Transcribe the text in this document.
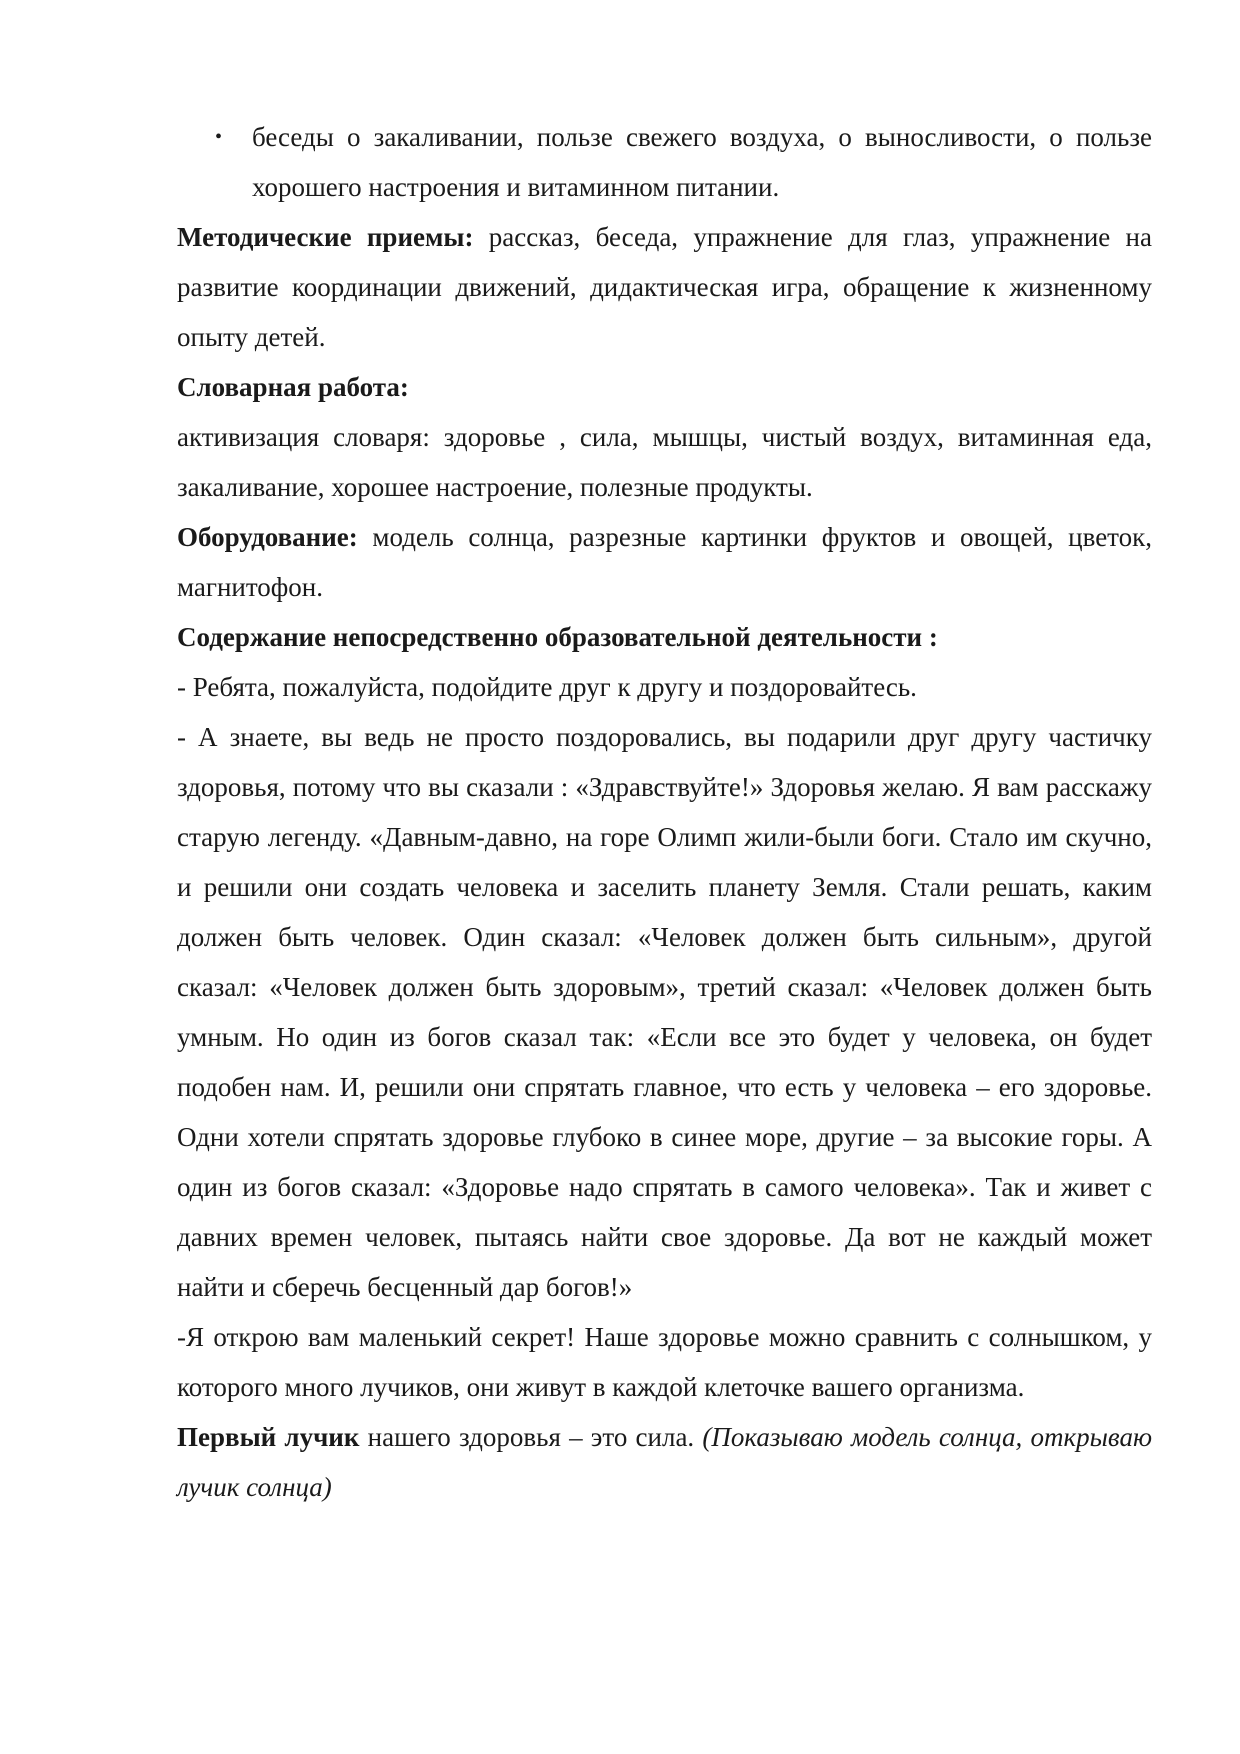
• беседы о закаливании, пользе свежего воздуха, о выносливости, о пользе хорошего настроения и витаминном питании.

Методические приемы: рассказ, беседа, упражнение для глаз, упражнение на развитие координации движений, дидактическая игра, обращение к жизненному опыту детей.

Словарная работа:

активизация словаря: здоровье , сила, мышцы, чистый воздух, витаминная еда, закаливание, хорошее настроение, полезные продукты.

Оборудование: модель солнца, разрезные картинки фруктов и овощей, цветок, магнитофон.

Содержание непосредственно образовательной деятельности :

- Ребята, пожалуйста, подойдите друг к другу и поздоровайтесь.

- А знаете, вы ведь не просто поздоровались, вы подарили друг другу частичку здоровья, потому что вы сказали : «Здравствуйте!» Здоровья желаю. Я вам расскажу старую легенду. «Давным-давно, на горе Олимп жили-были боги. Стало им скучно, и решили они создать человека и заселить планету Земля. Стали решать, каким должен быть человек. Один сказал: «Человек должен быть сильным», другой сказал: «Человек должен быть здоровым», третий сказал: «Человек должен быть умным. Но один из богов сказал так: «Если все это будет у человека, он будет подобен нам. И, решили они спрятать главное, что есть у человека – его здоровье. Одни хотели спрятать здоровье глубоко в синее море, другие – за высокие горы. А один из богов сказал: «Здоровье надо спрятать в самого человека». Так и живет с давних времен человек, пытаясь найти свое здоровье. Да вот не каждый может найти и сберечь бесценный дар богов!»

-Я открою вам маленький секрет! Наше здоровье можно сравнить с солнышком, у которого много лучиков, они живут в каждой клеточке вашего организма.

Первый лучик нашего здоровья – это сила. (Показываю модель солнца, открываю лучик солнца)
